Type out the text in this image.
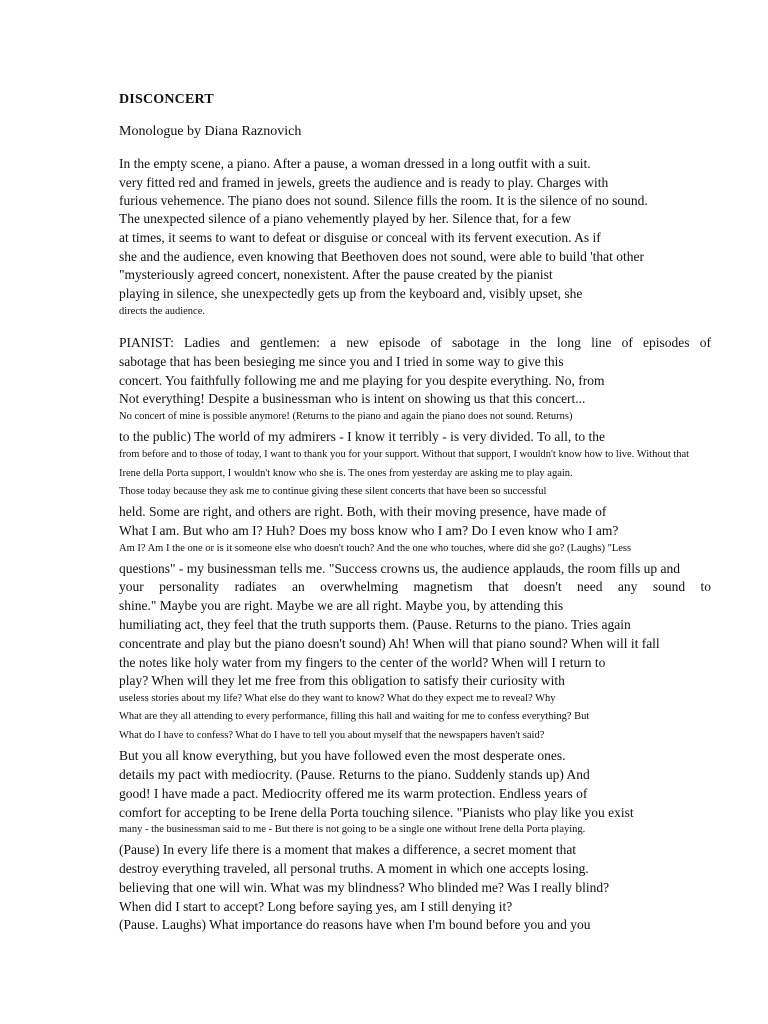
DISCONCERT
Monologue by Diana Raznovich
In the empty scene, a piano. After a pause, a woman dressed in a long outfit with a suit.
very fitted red and framed in jewels, greets the audience and is ready to play. Charges with
furious vehemence. The piano does not sound. Silence fills the room. It is the silence of no sound.
The unexpected silence of a piano vehemently played by her. Silence that, for a few
at times, it seems to want to defeat or disguise or conceal with its fervent execution. As if
she and the audience, even knowing that Beethoven does not sound, were able to build 'that other
"mysteriously agreed concert, nonexistent. After the pause created by the pianist
playing in silence, she unexpectedly gets up from the keyboard and, visibly upset, she
directs the audience.
PIANIST: Ladies and gentlemen: a new episode of sabotage in the long line of episodes of
sabotage that has been besieging me since you and I tried in some way to give this
concert. You faithfully following me and me playing for you despite everything. No, from
Not everything! Despite a businessman who is intent on showing us that this concert...
No concert of mine is possible anymore! (Returns to the piano and again the piano does not sound. Returns)
to the public) The world of my admirers - I know it terribly - is very divided. To all, to the
from before and to those of today, I want to thank you for your support. Without that support, I wouldn't know how to live. Without that
Irene della Porta support, I wouldn't know who she is. The ones from yesterday are asking me to play again.
Those today because they ask me to continue giving these silent concerts that have been so successful
held. Some are right, and others are right. Both, with their moving presence, have made of
What I am. But who am I? Huh? Does my boss know who I am? Do I even know who I am?
Am I? Am I the one or is it someone else who doesn't touch? And the one who touches, where did she go? (Laughs) "Less
questions" - my businessman tells me. "Success crowns us, the audience applauds, the room fills up and
your personality radiates an overwhelming magnetism that doesn't need any sound to
shine." Maybe you are right. Maybe we are all right. Maybe you, by attending this
humiliating act, they feel that the truth supports them. (Pause. Returns to the piano. Tries again
concentrate and play but the piano doesn't sound) Ah! When will that piano sound? When will it fall
the notes like holy water from my fingers to the center of the world? When will I return to
play? When will they let me free from this obligation to satisfy their curiosity with
useless stories about my life? What else do they want to know? What do they expect me to reveal? Why
What are they all attending to every performance, filling this hall and waiting for me to confess everything? But
What do I have to confess? What do I have to tell you about myself that the newspapers haven't said?
But you all know everything, but you have followed even the most desperate ones.
details my pact with mediocrity. (Pause. Returns to the piano. Suddenly stands up) And
good! I have made a pact. Mediocrity offered me its warm protection. Endless years of
comfort for accepting to be Irene della Porta touching silence. "Pianists who play like you exist
many - the businessman said to me - But there is not going to be a single one without Irene della Porta playing.
(Pause) In every life there is a moment that makes a difference, a secret moment that
destroy everything traveled, all personal truths. A moment in which one accepts losing.
believing that one will win. What was my blindness? Who blinded me? Was I really blind?
When did I start to accept? Long before saying yes, am I still denying it?
(Pause. Laughs) What importance do reasons have when I'm bound before you and you
